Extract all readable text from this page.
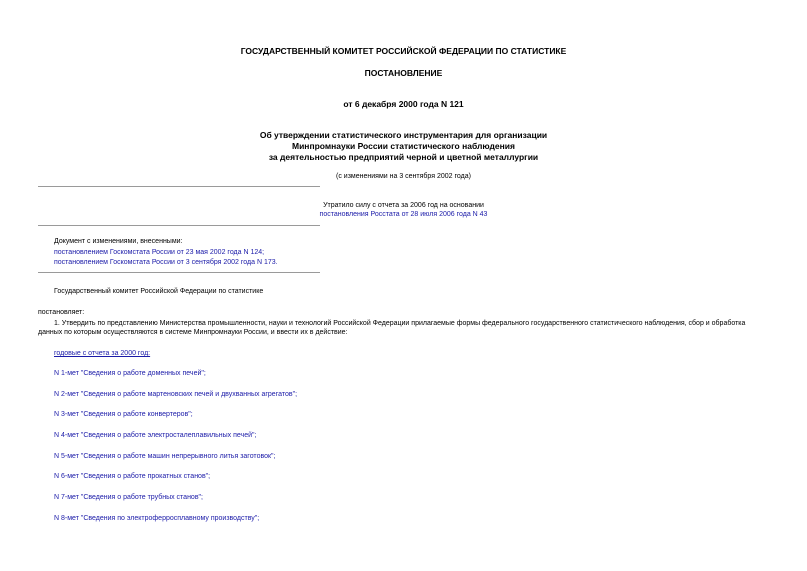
ГОСУДАРСТВЕННЫЙ КОМИТЕТ РОССИЙСКОЙ ФЕДЕРАЦИИ ПО СТАТИСТИКЕ
ПОСТАНОВЛЕНИЕ
от 6 декабря 2000 года N 121
Об утверждении статистического инструментария для организации
Минпромнауки России статистического наблюдения
за деятельностью предприятий черной и цветной металлургии
(с изменениями на 3 сентября 2002 года)
Утратило силу с отчета за 2006 год на основании
постановления Росстата от 28 июля 2006 года N 43
Документ с изменениями, внесенными:
постановлением Госкомстата России от 23 мая 2002 года N 124;
постановлением Госкомстата России от 3 сентября 2002 года N 173.
Государственный комитет Российской Федерации по статистике
постановляет:
1. Утвердить по представлению Министерства промышленности, науки и технологий Российской Федерации прилагаемые формы федерального государственного статистического наблюдения, сбор и обработка
данных по которым осуществляются в системе Минпромнауки России, и ввести их в действие:
годовые с отчета за 2000 год:
N 1-мет "Сведения о работе доменных печей";
N 2-мет "Сведения о работе мартеновских печей и двухванных агрегатов";
N 3-мет "Сведения о работе конвертеров";
N 4-мет "Сведения о работе электросталеплавильных печей";
N 5-мет "Сведения о работе машин непрерывного литья заготовок";
N 6-мет "Сведения о работе прокатных станов";
N 7-мет "Сведения о работе трубных станов";
N 8-мет "Сведения по электроферросплавному производству";
